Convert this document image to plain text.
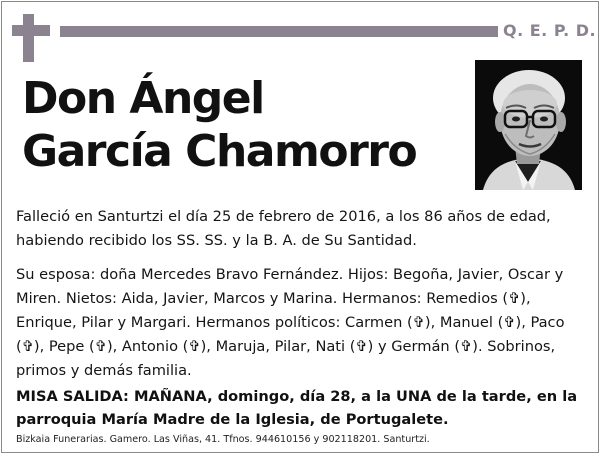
Q. E. P. D.
Don Ángel
García Chamorro

Falleció en Santurtzi el día 25 de febrero de 2016, a los 86 años de edad, habiendo recibido los SS. SS. y la B. A. de Su Santidad.

Su esposa: doña Mercedes Bravo Fernández. Hijos: Begoña, Javier, Oscar y Miren. Nietos: Aida, Javier, Marcos y Marina. Hermanos: Remedios (✞), Enrique, Pilar y Margari. Hermanos políticos: Carmen (✞), Manuel (✞), Paco (✞), Pepe (✞), Antonio (✞), Maruja, Pilar, Nati (✞) y Germán (✞). Sobrinos, primos y demás familia.

MISA SALIDA: MAÑANA, domingo, día 28, a la UNA de la tarde, en la parroquia María Madre de la Iglesia, de Portugalete.
Bizkaia Funerarias. Gamero. Las Viñas, 41. Tfnos. 944610156 y 902118201. Santurtzi.
